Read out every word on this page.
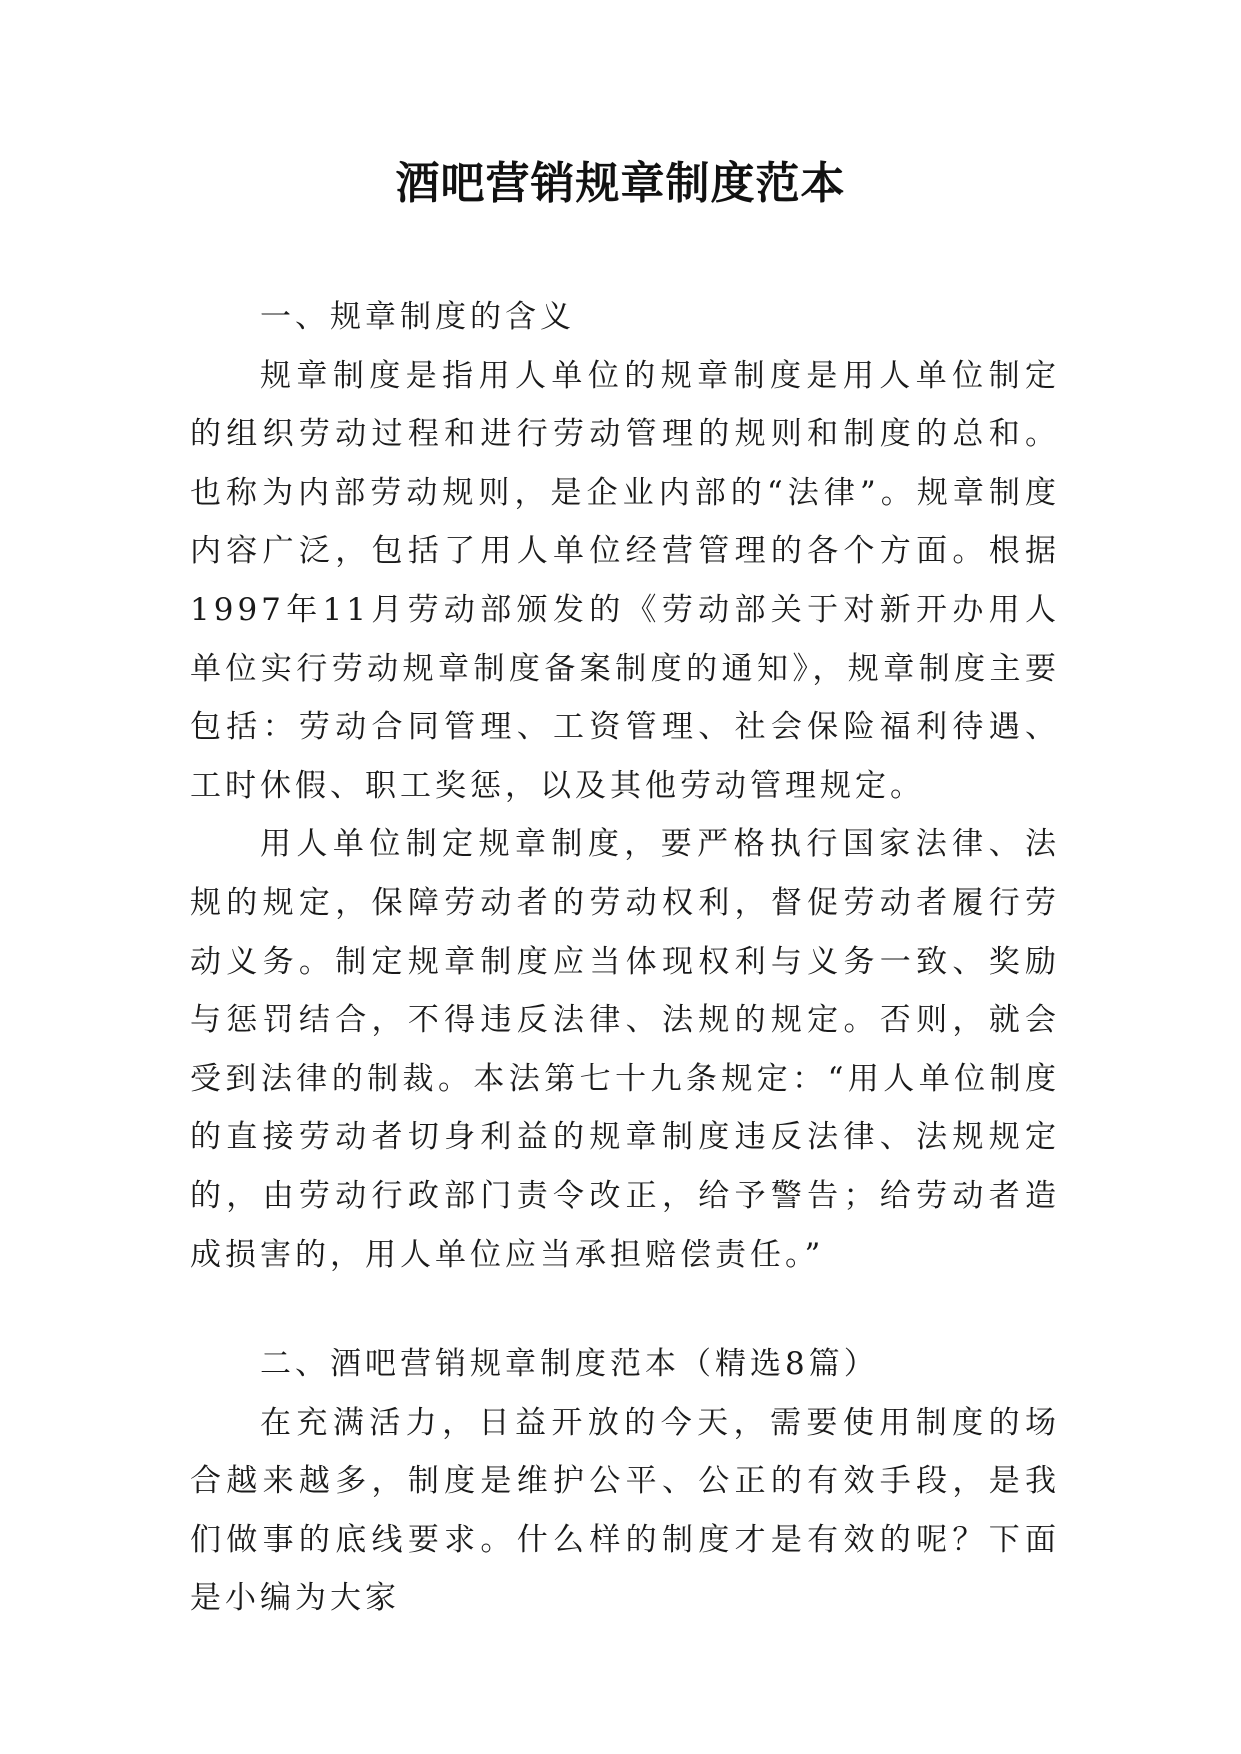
酒吧营销规章制度范本

一、规章制度的含义

规章制度是指用人单位的规章制度是用人单位制定的组织劳动过程和进行劳动管理的规则和制度的总和。也称为内部劳动规则，是企业内部的“法律”。规章制度内容广泛，包括了用人单位经营管理的各个方面。根据1997年11月劳动部颁发的《劳动部关于对新开办用人单位实行劳动规章制度备案制度的通知》，规章制度主要包括：劳动合同管理、工资管理、社会保险福利待遇、工时休假、职工奖惩，以及其他劳动管理规定。

用人单位制定规章制度，要严格执行国家法律、法规的规定，保障劳动者的劳动权利，督促劳动者履行劳动义务。制定规章制度应当体现权利与义务一致、奖励与惩罚结合，不得违反法律、法规的规定。否则，就会受到法律的制裁。本法第七十九条规定：“用人单位制度的直接劳动者切身利益的规章制度违反法律、法规规定的，由劳动行政部门责令改正，给予警告；给劳动者造成损害的，用人单位应当承担赔偿责任。”

二、酒吧营销规章制度范本（精选8篇）

在充满活力，日益开放的今天，需要使用制度的场合越来越多，制度是维护公平、公正的有效手段，是我们做事的底线要求。什么样的制度才是有效的呢？下面是小编为大家
